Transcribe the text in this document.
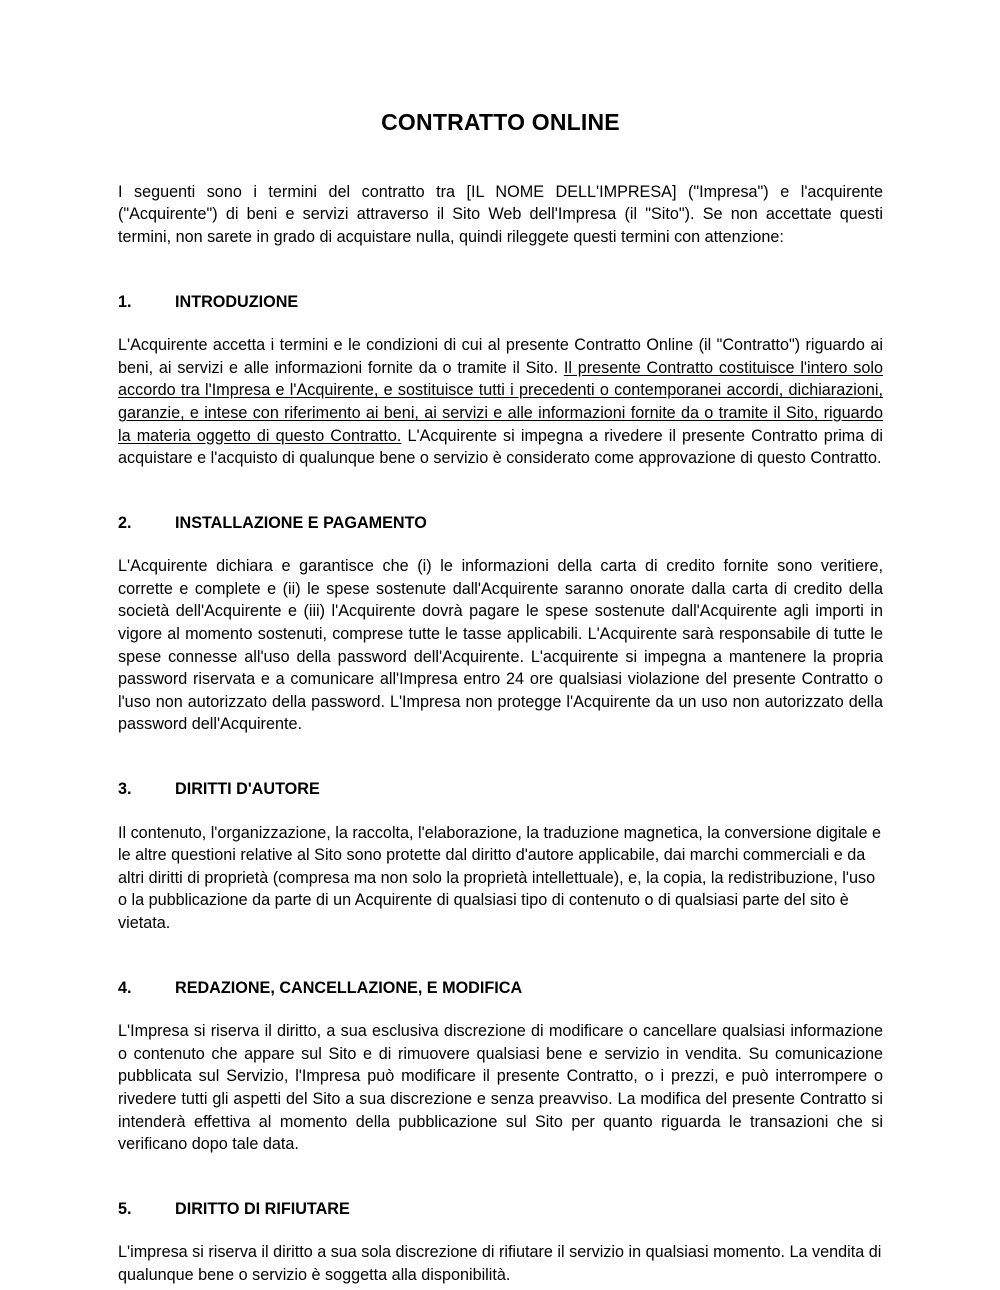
CONTRATTO ONLINE

I seguenti sono i termini del contratto tra [IL NOME DELL'IMPRESA] ("Impresa") e l'acquirente ("Acquirente") di beni e servizi attraverso il Sito Web dell'Impresa (il "Sito"). Se non accettate questi termini, non sarete in grado di acquistare nulla, quindi rileggete questi termini con attenzione:

1.	INTRODUZIONE

L'Acquirente accetta i termini e le condizioni di cui al presente Contratto Online (il "Contratto") riguardo ai beni, ai servizi e alle informazioni fornite da o tramite il Sito. Il presente Contratto costituisce l'intero solo accordo tra l'Impresa e l'Acquirente, e sostituisce tutti i precedenti o contemporanei accordi, dichiarazioni, garanzie, e intese con riferimento ai beni, ai servizi e alle informazioni fornite da o tramite il Sito, riguardo la materia oggetto di questo Contratto. L'Acquirente si impegna a rivedere il presente Contratto prima di acquistare e l'acquisto di qualunque bene o servizio è considerato come approvazione di questo Contratto.

2.	INSTALLAZIONE E PAGAMENTO

L'Acquirente dichiara e garantisce che (i) le informazioni della carta di credito fornite sono veritiere, corrette e complete e (ii) le spese sostenute dall'Acquirente saranno onorate dalla carta di credito della società dell'Acquirente e (iii) l'Acquirente dovrà pagare le spese sostenute dall'Acquirente agli importi in vigore al momento sostenuti, comprese tutte le tasse applicabili. L'Acquirente sarà responsabile di tutte le spese connesse all'uso della password dell'Acquirente. L'acquirente si impegna a mantenere la propria password riservata e a comunicare all'Impresa entro 24 ore qualsiasi violazione del presente Contratto o l'uso non autorizzato della password. L'Impresa non protegge l'Acquirente da un uso non autorizzato della password dell'Acquirente.

3.	DIRITTI D'AUTORE

Il contenuto, l'organizzazione, la raccolta, l'elaborazione, la traduzione magnetica, la conversione digitale e le altre questioni relative al Sito sono protette dal diritto d'autore applicabile, dai marchi commerciali e da altri diritti di proprietà (compresa ma non solo la proprietà intellettuale), e, la copia, la redistribuzione, l'uso o la pubblicazione da parte di un Acquirente di qualsiasi tipo di contenuto o di qualsiasi parte del sito è vietata.

4.	REDAZIONE, CANCELLAZIONE, E MODIFICA

L'Impresa si riserva il diritto, a sua esclusiva discrezione di modificare o cancellare qualsiasi informazione o contenuto che appare sul Sito e di rimuovere qualsiasi bene e servizio in vendita. Su comunicazione pubblicata sul Servizio, l'Impresa può modificare il presente Contratto, o i prezzi, e può interrompere o rivedere tutti gli aspetti del Sito a sua discrezione e senza preavviso. La modifica del presente Contratto si intenderà effettiva al momento della pubblicazione sul Sito per quanto riguarda le transazioni che si verificano dopo tale data.

5.	DIRITTO DI RIFIUTARE

L'impresa si riserva il diritto a sua sola discrezione di rifiutare il servizio in qualsiasi momento. La vendita di qualunque bene o servizio è soggetta alla disponibilità.
